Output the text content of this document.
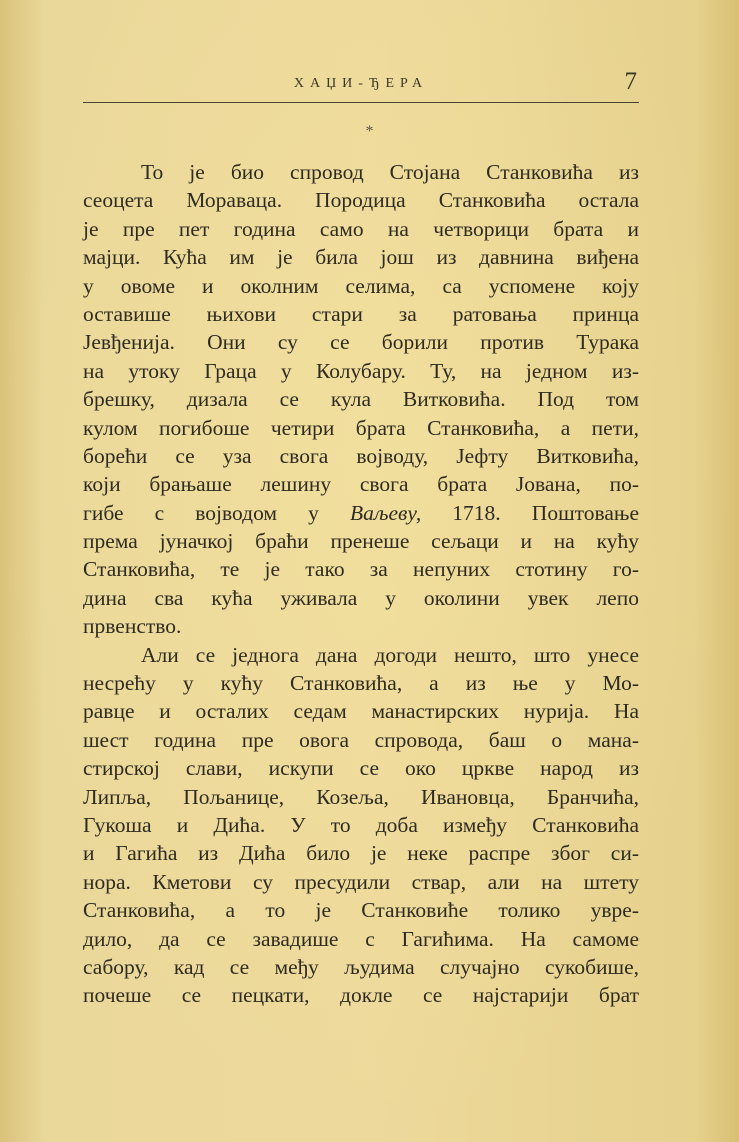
ХАЏИ-ЂЕРА	7
*
То је био спровод Стојана Станковића из
сеоцета Моравaца. Породица Станковића остала
је пре пет година само на четворици брата и
мајци. Кућа им је била још из давнина виђена
у овоме и околним селима, са успомене коју
оставише њихови стари за ратовања принца
Јевђенија. Они су се борили против Турака
на утоку Граца у Колубару. Ту, на једном из-
брешку, дизала се кула Витковића. Под том
кулом погибоше четири брата Станковића, а пети,
борећи се уза свога војводу, Јефту Витковића,
који брањаше лешину свога брата Јована, по-
гибе с војводом у Ваљеву, 1718. Поштовање
према јуначкој браћи пренеше сељаци и на кућу
Станковића, те је тако за непуних стотину го-
дина сва кућа уживала у околини увек лепо
првенство.
Али се једнога дана догоди нешто, што унесе
несрећу у кућу Станковића, а из ње у Мо-
равце и осталих седам манастирских нурија. На
шест година пре овога спровода, баш о мана-
стирској слави, искупи се око цркве народ из
Липља, Пољанице, Козеља, Ивановца, Бранчића,
Гукоша и Дића. У то доба између Станковића
и Гагића из Дића било је неке распре због си-
нора. Кметови су пресудили ствар, али на штету
Станковића, а то је Станковиће толико увре-
дило, да се завадише с Гагићима. На самоме
сабору, кад се међу људима случајно сукобише,
почеше се пецкати, докле се најстарији брат
